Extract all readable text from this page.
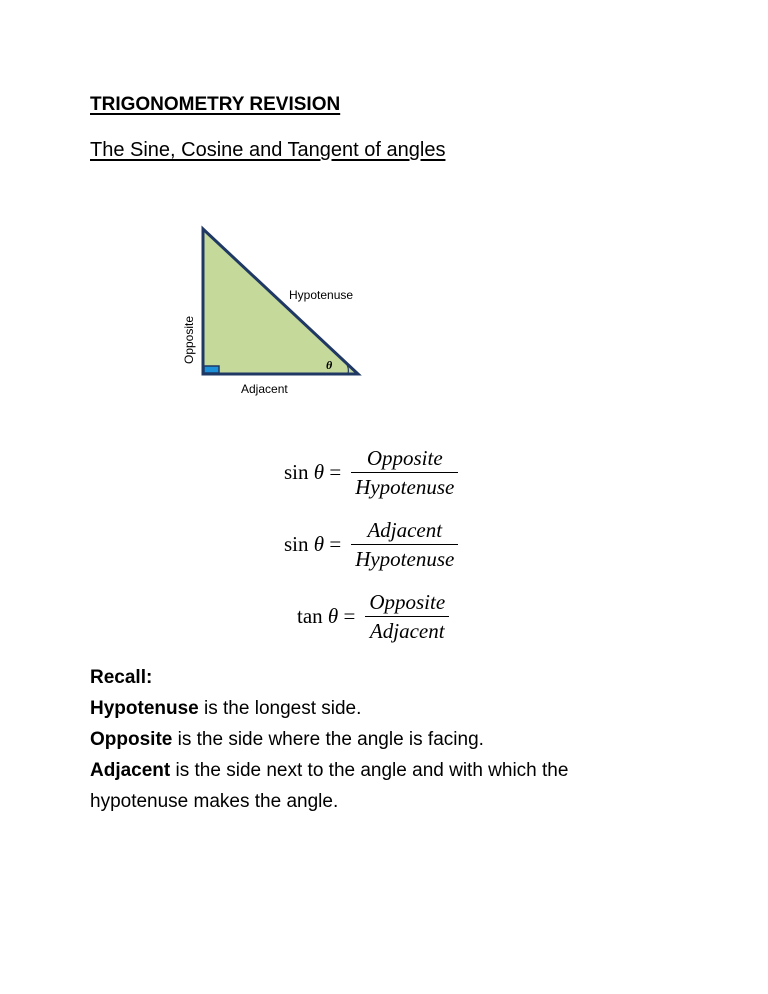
TRIGONOMETRY REVISION
The Sine, Cosine and Tangent of angles
Hypotenuse
Opposite
Adjacent
θ
$\sin \theta = \frac{\text{Opposite}}{\text{Hypotenuse}}$
$\sin \theta = \frac{\text{Adjacent}}{\text{Hypotenuse}}$
$\tan \theta = \frac{\text{Opposite}}{\text{Adjacent}}$

Recall:

Hypotenuse is the longest side.

Opposite is the side where the angle is facing.

Adjacent is the side next to the angle and with which the

hypotenuse makes the angle.
